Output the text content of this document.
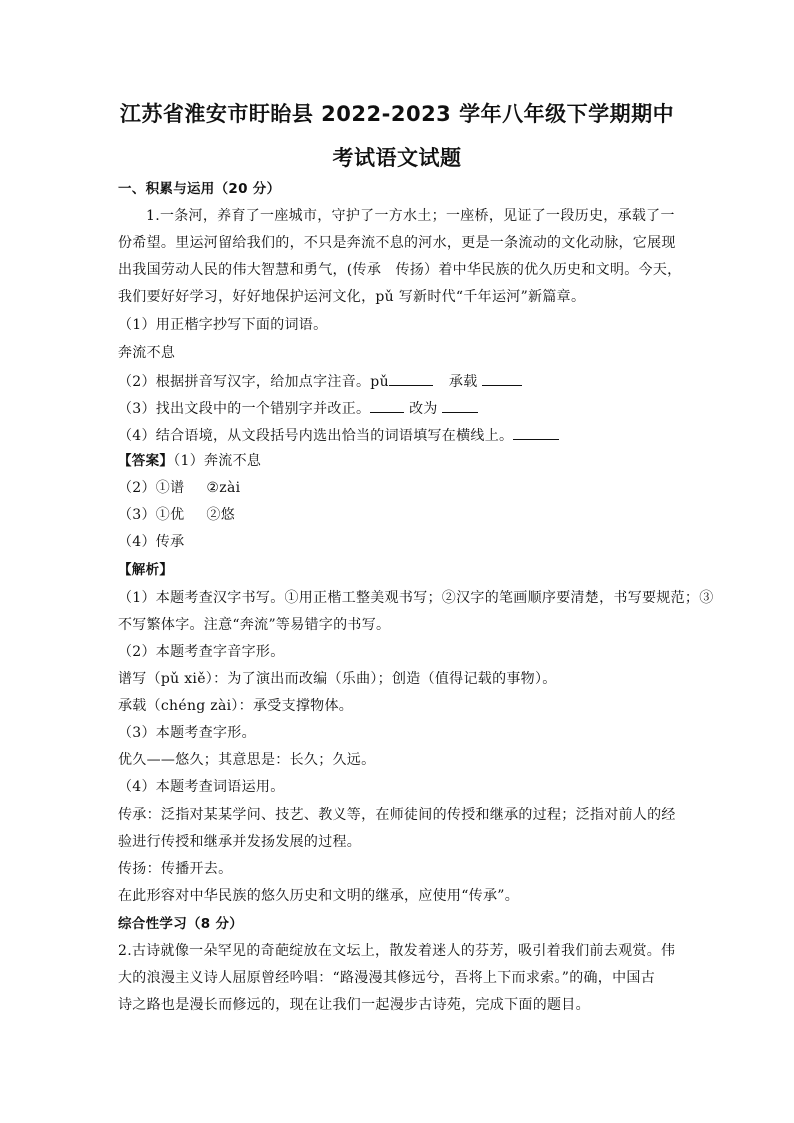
江苏省淮安市盱眙县 2022-2023 学年八年级下学期期中
考试语文试题
一、积累与运用（20 分）
1.一条河，养育了一座城市，守护了一方水土；一座桥，见证了一段历史，承载了一
份希望。里运河留给我们的，不只是奔流不息的河水，更是一条流动的文化动脉，它展现
出我国劳动人民的伟大智慧和勇气，(传承　传扬）着中华民族的优久历史和文明。今天，
我们要好好学习，好好地保护运河文化，pǔ 写新时代“千年运河”新篇章。
（1）用正楷字抄写下面的词语。
奔流不息
（2）根据拼音写汉字，给加点字注音。pǔ	承载
（3）找出文段中的一个错别字并改正。	改为
（4）结合语境，从文段括号内选出恰当的词语填写在横线上。
【答案】（1）奔流不息
（2）①谱 ②zài
（3）①优 ②悠
（4）传承
【解析】
（1）本题考查汉字书写。①用正楷工整美观书写；②汉字的笔画顺序要清楚，书写要规范；③
不写繁体字。注意“奔流”等易错字的书写。
（2）本题考查字音字形。
谱写（pǔ xiě）：为了演出而改编（乐曲）；创造（值得记载的事物）。
承载（chéng zài）：承受支撑物体。
（3）本题考查字形。
优久——悠久；其意思是：长久；久远。
（4）本题考查词语运用。
传承：泛指对某某学问、技艺、教义等，在师徒间的传授和继承的过程；泛指对前人的经
验进行传授和继承并发扬发展的过程。
传扬：传播开去。
在此形容对中华民族的悠久历史和文明的继承，应使用“传承”。
综合性学习（8 分）
2.古诗就像一朵罕见的奇葩绽放在文坛上，散发着迷人的芬芳，吸引着我们前去观赏。伟
大的浪漫主义诗人屈原曾经吟唱：“路漫漫其修远兮，吾将上下而求索。”的确，中国古
诗之路也是漫长而修远的，现在让我们一起漫步古诗苑，完成下面的题目。
